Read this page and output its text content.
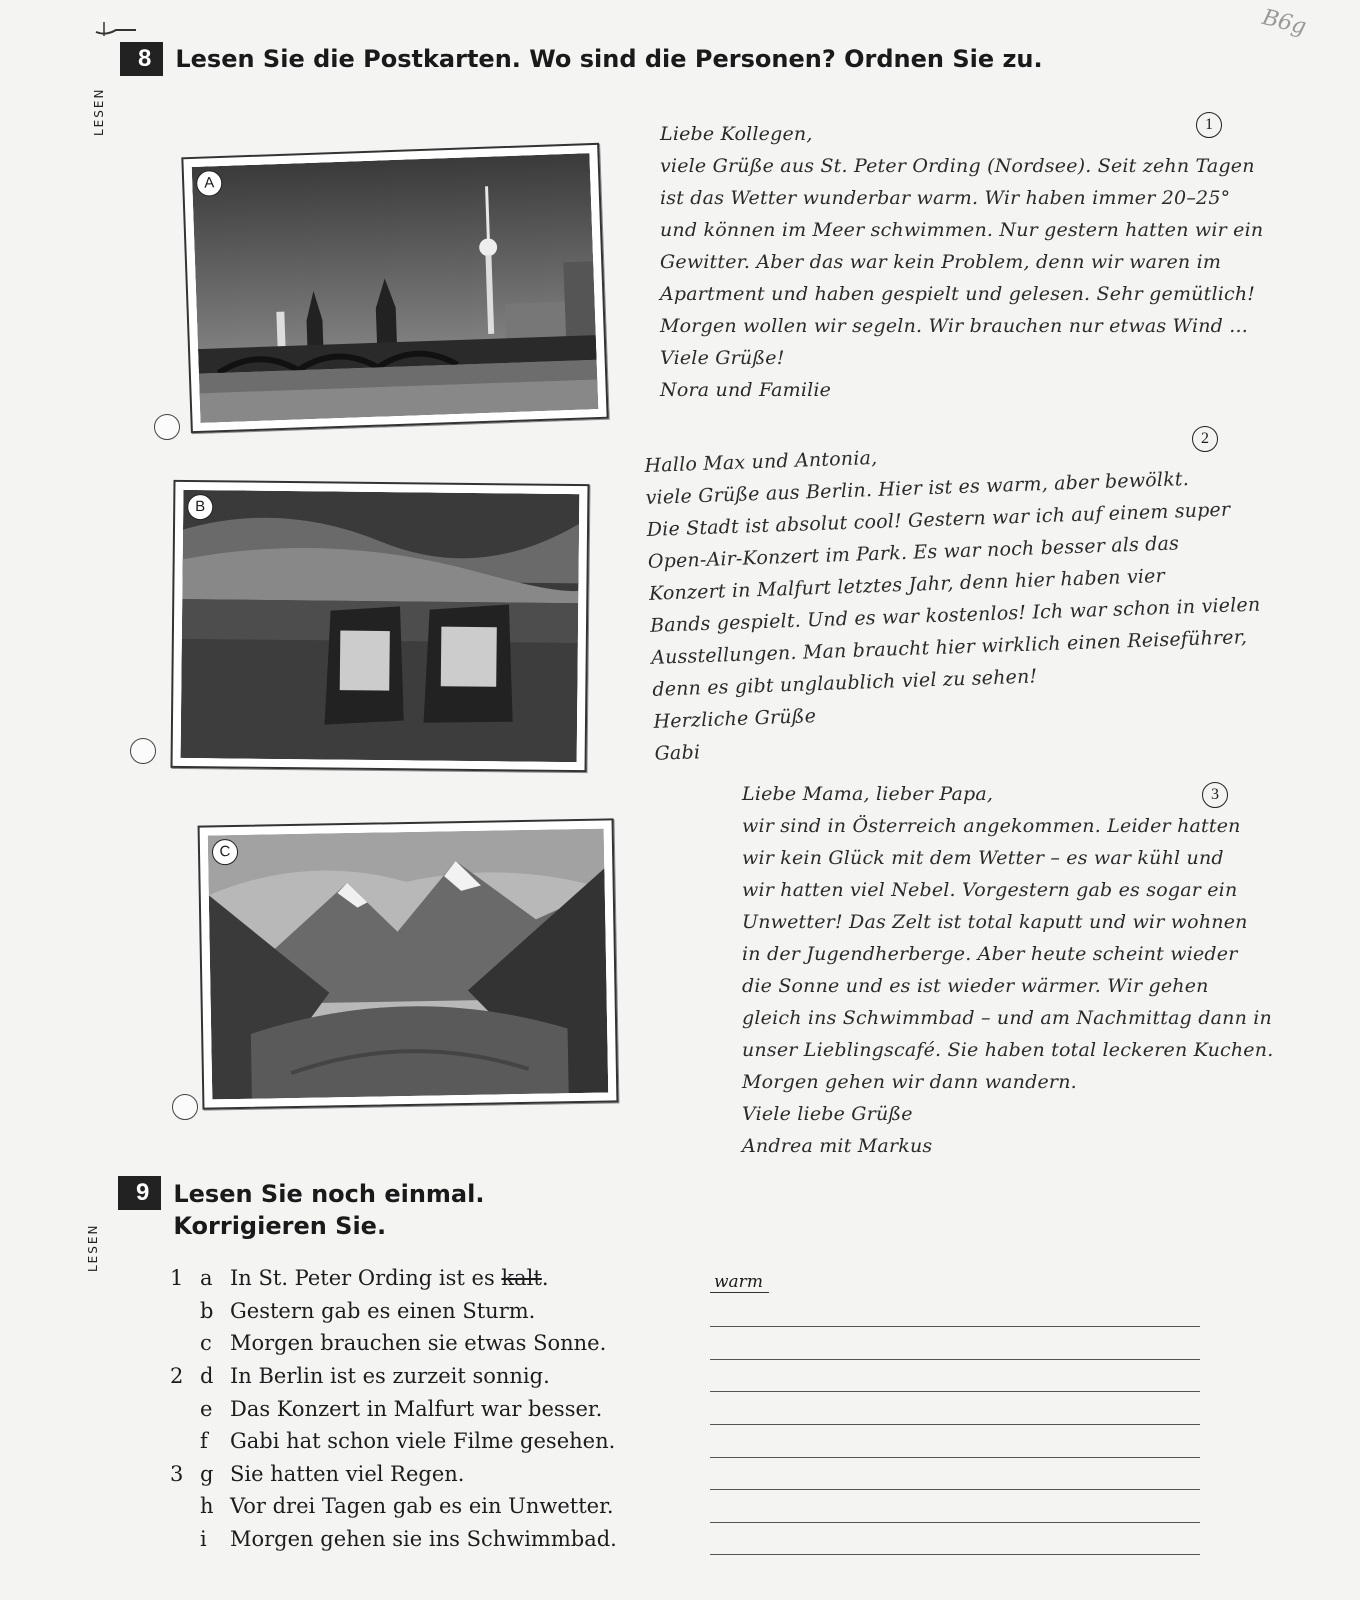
B6g
8	Lesen Sie die Postkarten. Wo sind die Personen? Ordnen Sie zu.
LESEN
A
B
C
1
Liebe Kollegen,
viele Grüße aus St. Peter Ording (Nordsee). Seit zehn Tagen
ist das Wetter wunderbar warm. Wir haben immer 20–25°
und können im Meer schwimmen. Nur gestern hatten wir ein
Gewitter. Aber das war kein Problem, denn wir waren im
Apartment und haben gespielt und gelesen. Sehr gemütlich!
Morgen wollen wir segeln. Wir brauchen nur etwas Wind ...
Viele Grüße!
Nora und Familie
2
Hallo Max und Antonia,
viele Grüße aus Berlin. Hier ist es warm, aber bewölkt.
Die Stadt ist absolut cool! Gestern war ich auf einem super
Open-Air-Konzert im Park. Es war noch besser als das
Konzert in Malfurt letztes Jahr, denn hier haben vier
Bands gespielt. Und es war kostenlos! Ich war schon in vielen
Ausstellungen. Man braucht hier wirklich einen Reiseführer,
denn es gibt unglaublich viel zu sehen!
Herzliche Grüße
Gabi
3
Liebe Mama, lieber Papa,
wir sind in Österreich angekommen. Leider hatten
wir kein Glück mit dem Wetter – es war kühl und
wir hatten viel Nebel. Vorgestern gab es sogar ein
Unwetter! Das Zelt ist total kaputt und wir wohnen
in der Jugendherberge. Aber heute scheint wieder
die Sonne und es ist wieder wärmer. Wir gehen
gleich ins Schwimmbad – und am Nachmittag dann in
unser Lieblingscafé. Sie haben total leckeren Kuchen.
Morgen gehen wir dann wandern.
Viele liebe Grüße
Andrea mit Markus
9	Lesen Sie noch einmal.
Korrigieren Sie.
LESEN
1 a In St. Peter Ording ist es kalt.
b Gestern gab es einen Sturm.
c Morgen brauchen sie etwas Sonne.
2 d In Berlin ist es zurzeit sonnig.
e Das Konzert in Malfurt war besser.
f	Gabi hat schon viele Filme gesehen.
3 g Sie hatten viel Regen.
h Vor drei Tagen gab es ein Unwetter.
i	Morgen gehen sie ins Schwimmbad.
warm
